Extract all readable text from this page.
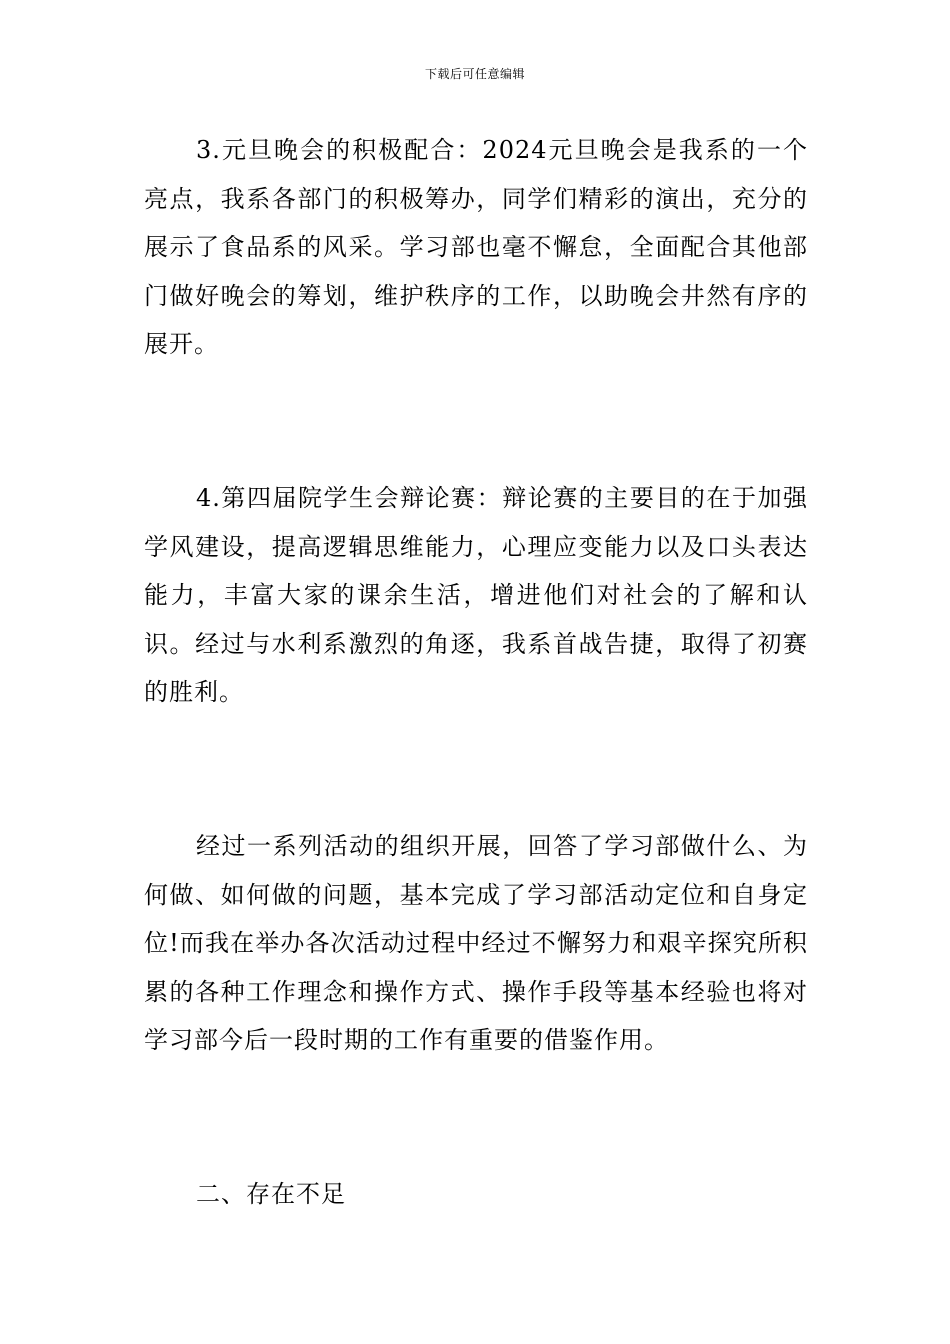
下载后可任意编辑

3.元旦晚会的积极配合：2024元旦晚会是我系的一个亮点，我系各部门的积极筹办，同学们精彩的演出，充分的展示了食品系的风采。学习部也毫不懈怠，全面配合其他部门做好晚会的筹划，维护秩序的工作，以助晚会井然有序的展开。

4.第四届院学生会辩论赛：辩论赛的主要目的在于加强学风建设，提高逻辑思维能力，心理应变能力以及口头表达能力，丰富大家的课余生活，增进他们对社会的了解和认识。经过与水利系激烈的角逐，我系首战告捷，取得了初赛的胜利。

经过一系列活动的组织开展，回答了学习部做什么、为何做、如何做的问题，基本完成了学习部活动定位和自身定位!而我在举办各次活动过程中经过不懈努力和艰辛探究所积累的各种工作理念和操作方式、操作手段等基本经验也将对学习部今后一段时期的工作有重要的借鉴作用。

二、存在不足
